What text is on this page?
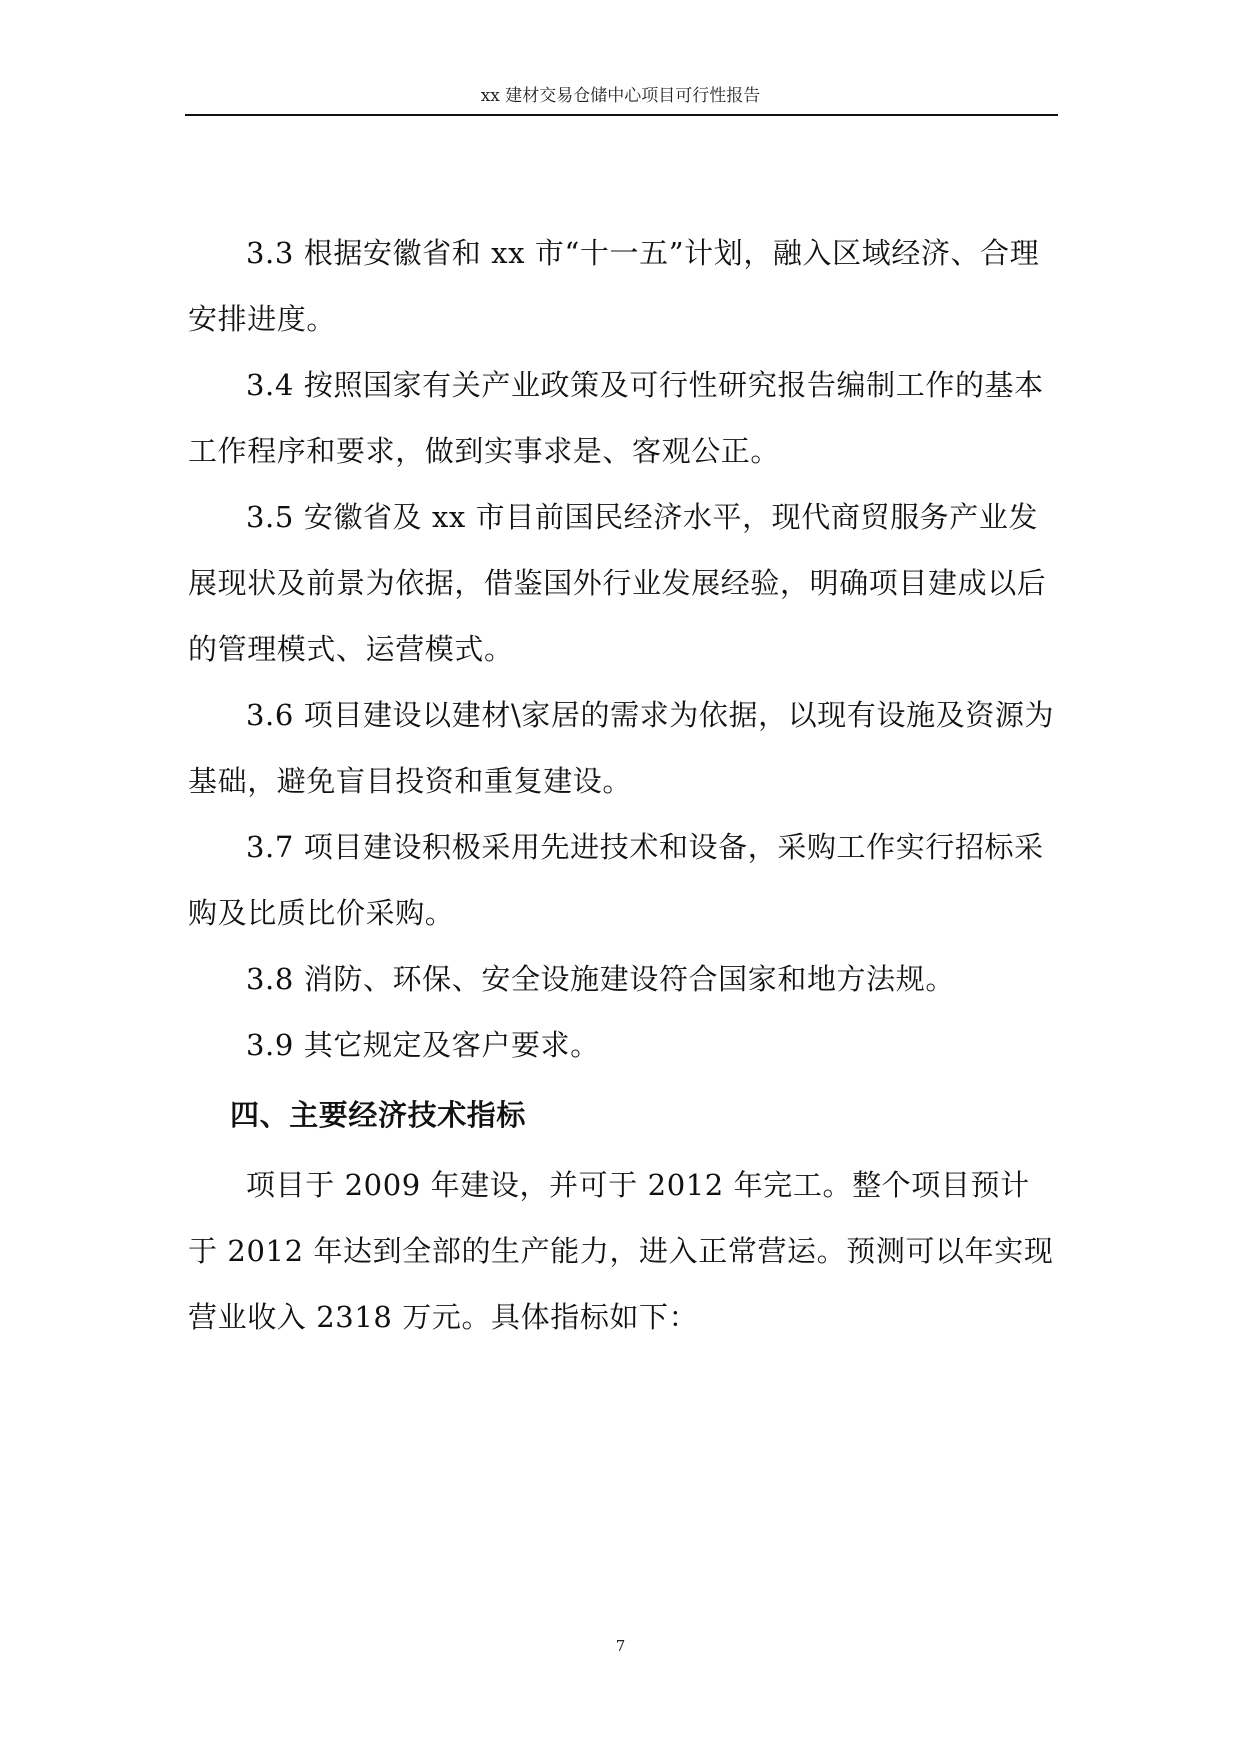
xx 建材交易仓储中心项目可行性报告

3.3 根据安徽省和 xx 市“十一五”计划，融入区域经济、合理安排进度。

3.4 按照国家有关产业政策及可行性研究报告编制工作的基本工作程序和要求，做到实事求是、客观公正。

3.5 安徽省及 xx 市目前国民经济水平，现代商贸服务产业发展现状及前景为依据，借鉴国外行业发展经验，明确项目建成以后的管理模式、运营模式。

3.6 项目建设以建材\家居的需求为依据，以现有设施及资源为基础，避免盲目投资和重复建设。

3.7 项目建设积极采用先进技术和设备，采购工作实行招标采购及比质比价采购。

3.8 消防、环保、安全设施建设符合国家和地方法规。

3.9 其它规定及客户要求。

四、主要经济技术指标

项目于 2009 年建设，并可于 2012 年完工。整个项目预计于 2012 年达到全部的生产能力，进入正常营运。预测可以年实现营业收入 2318 万元。具体指标如下：

7
